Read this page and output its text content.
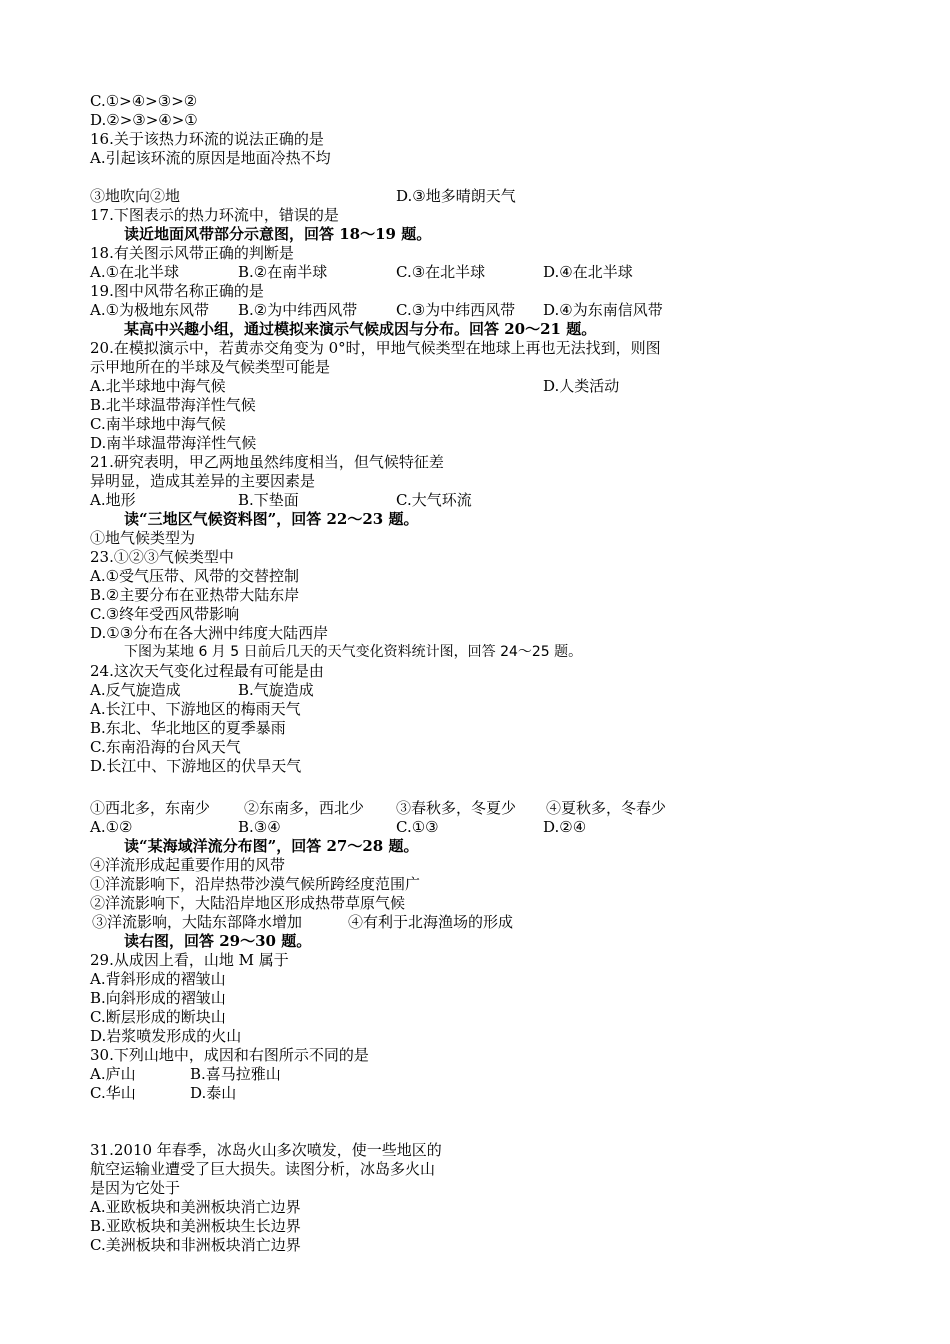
C.①>④>③>②
D.②>③>④>①
16.关于该热力环流的说法正确的是
A.引起该环流的原因是地面冷热不均
③地吹向②地	D.③地多晴朗天气
17.下图表示的热力环流中，错误的是
读近地面风带部分示意图，回答 18～19 题。
18.有关图示风带正确的判断是
A.①在北半球	B.②在南半球	C.③在北半球	D.④在北半球
19.图中风带名称正确的是
A.①为极地东风带 B.②为中纬西风带	C.③为中纬西风带 D.④为东南信风带
某高中兴趣小组，通过模拟来演示气候成因与分布。回答 20～21 题。
20.在模拟演示中，若黄赤交角变为 0°时，甲地气候类型在地球上再也无法找到，则图
示甲地所在的半球及气候类型可能是
A.北半球地中海气候	D.人类活动
B.北半球温带海洋性气候
C.南半球地中海气候
D.南半球温带海洋性气候
21.研究表明，甲乙两地虽然纬度相当，但气候特征差
异明显，造成其差异的主要因素是
A.地形	B.下垫面	C.大气环流
读“三地区气候资料图”，回答 22～23 题。
①地气候类型为
23.①②③气候类型中
A.①受气压带、风带的交替控制
B.②主要分布在亚热带大陆东岸
C.③终年受西风带影响
D.①③分布在各大洲中纬度大陆西岸
下图为某地 6 月 5 日前后几天的天气变化资料统计图，回答 24～25 题。
24.这次天气变化过程最有可能是由
A.反气旋造成	B.气旋造成
A.长江中、下游地区的梅雨天气
B.东北、华北地区的夏季暴雨
C.东南沿海的台风天气
D.长江中、下游地区的伏旱天气
①西北多，东南少 ②东南多，西北少 ③春秋多，冬夏少 ④夏秋多，冬春少
A.①②	B.③④	C.①③	D.②④
读“某海域洋流分布图”，回答 27～28 题。
④洋流形成起重要作用的风带
①洋流影响下，沿岸热带沙漠气候所跨经度范围广
②洋流影响下，大陆沿岸地区形成热带草原气候
③洋流影响，大陆东部降水增加	④有利于北海渔场的形成
读右图，回答 29～30 题。
29.从成因上看，山地 M 属于
A.背斜形成的褶皱山
B.向斜形成的褶皱山
C.断层形成的断块山
D.岩浆喷发形成的火山
30.下列山地中，成因和右图所示不同的是
A.庐山	B.喜马拉雅山
C.华山	D.泰山
31.2010 年春季，冰岛火山多次喷发，使一些地区的
航空运输业遭受了巨大损失。读图分析，冰岛多火山
是因为它处于
A.亚欧板块和美洲板块消亡边界
B.亚欧板块和美洲板块生长边界
C.美洲板块和非洲板块消亡边界
